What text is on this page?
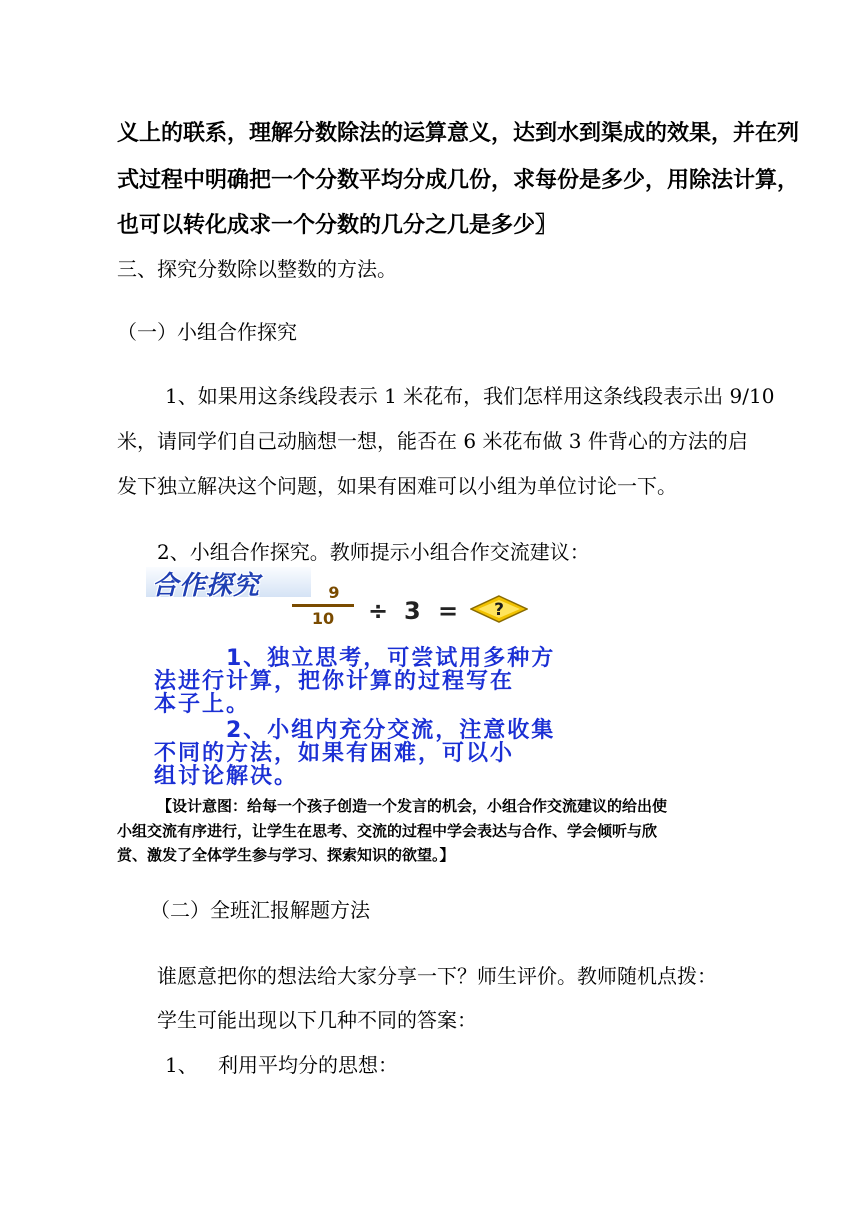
义上的联系，理解分数除法的运算意义，达到水到渠成的效果，并在列
式过程中明确把一个分数平均分成几份，求每份是多少，用除法计算，
也可以转化成求一个分数的几分之几是多少〗
三、探究分数除以整数的方法。
（一）小组合作探究
1、如果用这条线段表示 1 米花布，我们怎样用这条线段表示出 9/10
米，请同学们自己动脑想一想，能否在 6 米花布做 3 件背心的方法的启
发下独立解决这个问题，如果有困难可以小组为单位讨论一下。
2、小组合作探究。教师提示小组合作交流建议：
合作探究	9
10	÷ 3 = ?
1、独立思考，可尝试用多种方
法进行计算，把你计算的过程写在
本子上。
2、小组内充分交流，注意收集
不同的方法，如果有困难，可以小
组讨论解决。
【设计意图：给每一个孩子创造一个发言的机会，小组合作交流建议的给出使
小组交流有序进行，让学生在思考、交流的过程中学会表达与合作、学会倾听与欣
赏、激发了全体学生参与学习、探索知识的欲望。】
（二）全班汇报解题方法
谁愿意把你的想法给大家分享一下？师生评价。教师随机点拨：
学生可能出现以下几种不同的答案：
1、	利用平均分的思想：
